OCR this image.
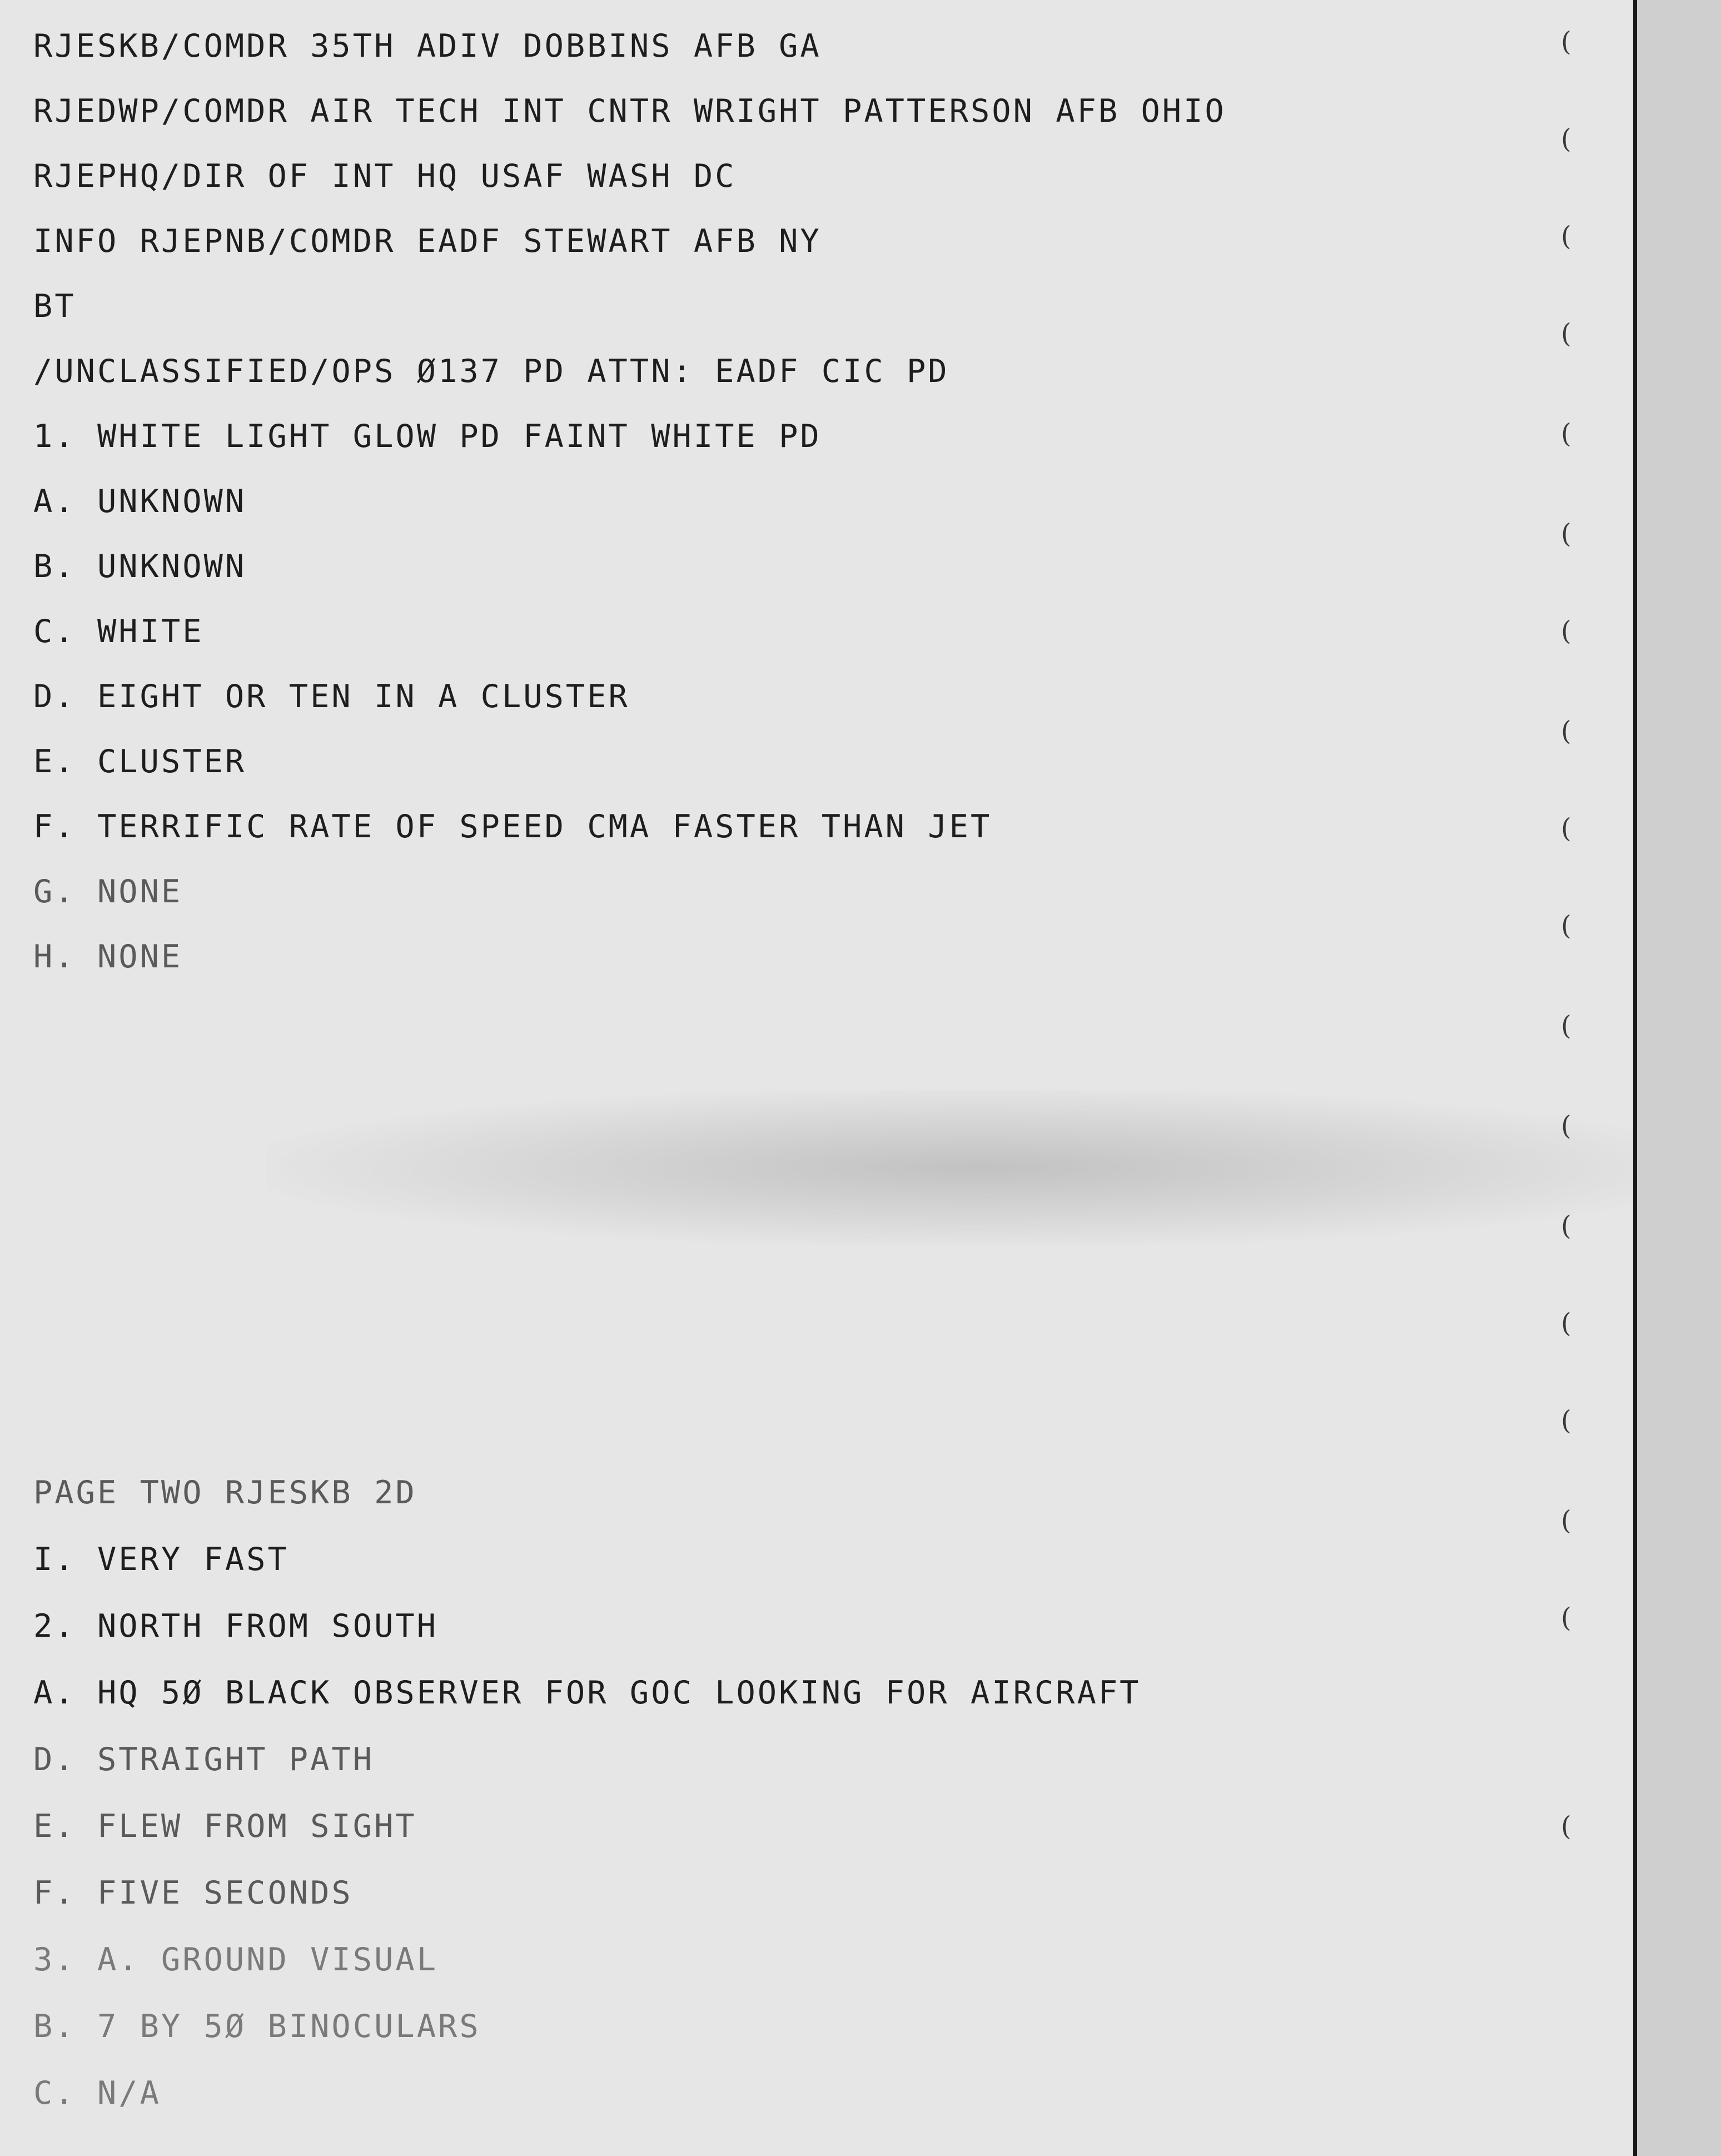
(
(
(
(
(
(
(
(
(
(
(
(
(
(
(
(
(
(
RJESKB/COMDR 35TH ADIV DOBBINS AFB GA
RJEDWP/COMDR AIR TECH INT CNTR WRIGHT PATTERSON AFB OHIO
RJEPHQ/DIR OF INT HQ USAF WASH DC
INFO RJEPNB/COMDR EADF STEWART AFB NY
BT
/UNCLASSIFIED/OPS Ø137 PD ATTN: EADF CIC PD
1. WHITE LIGHT GLOW PD FAINT WHITE PD
A. UNKNOWN
B. UNKNOWN
C. WHITE
D. EIGHT OR TEN IN A CLUSTER
E. CLUSTER
F. TERRIFIC RATE OF SPEED CMA FASTER THAN JET
G. NONE
H. NONE
PAGE TWO RJESKB 2D
I. VERY FAST
2. NORTH FROM SOUTH
A. HQ 5Ø BLACK OBSERVER FOR GOC LOOKING FOR AIRCRAFT
D. STRAIGHT PATH
E. FLEW FROM SIGHT
F. FIVE SECONDS
3. A. GROUND VISUAL
B. 7 BY 5Ø BINOCULARS
C. N/A
